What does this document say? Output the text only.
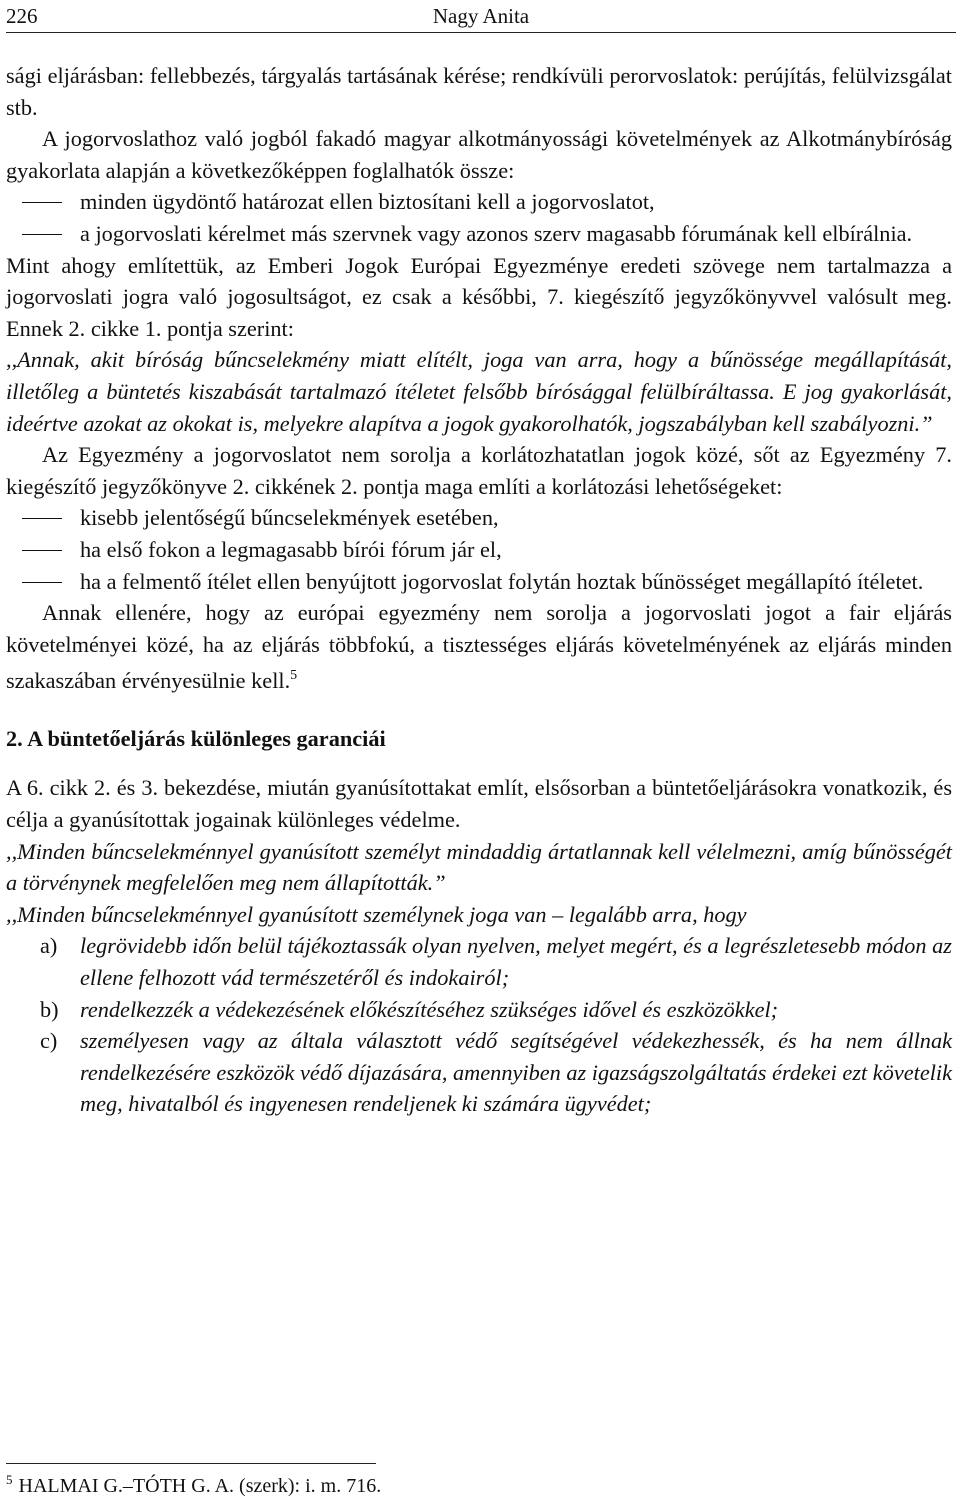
226	Nagy Anita

sági eljárásban: fellebbezés, tárgyalás tartásának kérése; rendkívüli perorvoslatok: perújítás, felülvizsgálat stb.

A jogorvoslathoz való jogból fakadó magyar alkotmányossági követelmények az Alkotmánybíróság gyakorlata alapján a következőképpen foglalhatók össze:

minden ügydöntő határozat ellen biztosítani kell a jogorvoslatot,
a jogorvoslati kérelmet más szervnek vagy azonos szerv magasabb fórumának kell elbírálnia.

Mint ahogy említettük, az Emberi Jogok Európai Egyezménye eredeti szövege nem tartalmazza a jogorvoslati jogra való jogosultságot, ez csak a későbbi, 7. kiegészítő jegyzőkönyvvel valósult meg. Ennek 2. cikke 1. pontja szerint:

,,Annak, akit bíróság bűncselekmény miatt elítélt, joga van arra, hogy a bűnössége megállapítását, illetőleg a büntetés kiszabását tartalmazó ítéletet felsőbb bírósággal felülbíráltassa. E jog gyakorlását, ideértve azokat az okokat is, melyekre alapítva a jogok gyakorolhatók, jogszabályban kell szabályozni.”

Az Egyezmény a jogorvoslatot nem sorolja a korlátozhatatlan jogok közé, sőt az Egyezmény 7. kiegészítő jegyzőkönyve 2. cikkének 2. pontja maga említi a korlátozási lehetőségeket:

kisebb jelentőségű bűncselekmények esetében,
ha első fokon a legmagasabb bírói fórum jár el,
ha a felmentő ítélet ellen benyújtott jogorvoslat folytán hoztak bűnösséget megállapító ítéletet.

Annak ellenére, hogy az európai egyezmény nem sorolja a jogorvoslati jogot a fair eljárás követelményei közé, ha az eljárás többfokú, a tisztességes eljárás követelményének az eljárás minden szakaszában érvényesülnie kell.$^5$

2. A büntetőeljárás különleges garanciái

A 6. cikk 2. és 3. bekezdése, miután gyanúsítottakat említ, elsősorban a büntetőeljárásokra vonatkozik, és célja a gyanúsítottak jogainak különleges védelme.

,,Minden bűncselekménnyel gyanúsított személyt mindaddig ártatlannak kell vélelmezni, amíg bűnösségét a törvénynek megfelelően meg nem állapították.”

,,Minden bűncselekménnyel gyanúsított személynek joga van – legalább arra, hogy

a)	legrövidebb időn belül tájékoztassák olyan nyelven, melyet megért, és a legrészletesebb módon az ellene felhozott vád természetéről és indokairól;
b) rendelkezzék a védekezésének előkészítéséhez szükséges idővel és eszközökkel;
c)	személyesen vagy az általa választott védő segítségével védekezhessék, és ha nem állnak rendelkezésére eszközök védő díjazására, amennyiben az igazságszolgáltatás érdekei ezt követelik meg, hivatalból és ingyenesen rendeljenek ki számára ügyvédet;
$^5$ HALMAI G.–TÓTH G. A. (szerk): i. m. 716.
